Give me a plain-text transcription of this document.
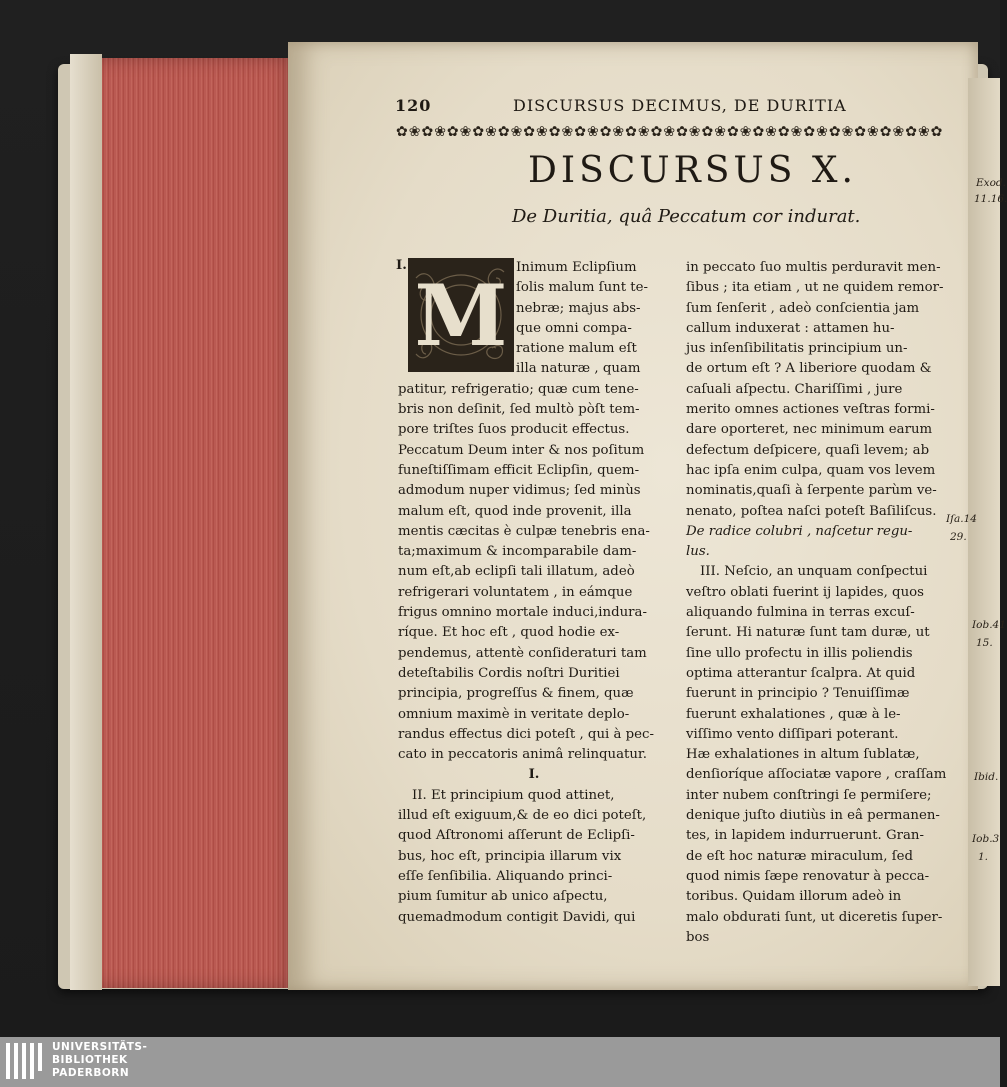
120	DISCURSUS DECIMUS, DE DURITIA
✿❀✿❀✿❀✿❀✿❀✿❀✿❀✿❀✿❀✿❀✿❀✿❀✿❀✿❀✿❀✿❀✿❀✿❀✿❀✿❀✿❀✿
DISCURSUS X.
De Duritia, quâ Peccatum cor indurat.
I. M Inimum Eclipſium
ſolis malum ſunt te-
nebræ; majus abs-
que omni compa-
ratione malum eſt
illa naturæ , quam
patitur, refrigeratio; quæ cum tene-
bris non deſinit, ſed multò pòſt tem-
pore triſtes ſuos producit effectus.
Peccatum Deum inter & nos poſitum
funeſtiſſimam efficit Eclipſin, quem-
admodum nuper vidimus; ſed minùs
malum eſt, quod inde provenit, illa
mentis cæcitas è culpæ tenebris ena-
ta;maximum & incomparabile dam-
num eſt,ab eclipſi tali illatum, adeò
refrigerari voluntatem , in eámque
frigus omnino mortale induci,indura-
ríque. Et hoc eſt , quod hodie ex-
pendemus, attentè conſideraturi tam
deteſtabilis Cordis noſtri Duritiei
principia, progreſſus & finem, quæ
omnium maximè in veritate deplo-
randus effectus dici poteſt , qui à pec-
cato in peccatoris animâ relinquatur.
I.
II. Et principium quod attinet,
illud eſt exiguum,& de eo dici poteſt,
quod Aſtronomi aſſerunt de Eclipſi-
bus, hoc eſt, principia illarum vix
eſſe ſenſibilia. Aliquando princi-
pium ſumitur ab unico aſpectu,
quemadmodum contigit Davidi, qui
in peccato ſuo multis perduravit men-
ſibus ; ita etiam , ut ne quidem remor-
ſum ſenſerit , adeò conſcientia jam
callum induxerat : attamen hu-
jus inſenſibilitatis principium un-
de ortum eſt ? A liberiore quodam &
caſuali aſpectu. Chariſſimi , jure
merito omnes actiones veſtras formi-
dare oporteret, nec minimum earum
defectum deſpicere, quaſi levem; ab
hac ipſa enim culpa, quam vos levem
nominatis,quaſi à ſerpente parùm ve-
nenato, poſtea naſci poteſt Baſiliſcus.
De radice colubri , naſcetur regu-
lus.
III. Neſcio, an unquam conſpectui
veſtro oblati fuerint ij lapides, quos
aliquando fulmina in terras excuſ-
ſerunt. Hi naturæ ſunt tam duræ, ut
ſine ullo profectu in illis poliendis
optima atterantur ſcalpra. At quid
fuerunt in principio ? Tenuiſſimæ
fuerunt exhalationes , quæ à le-
viſſimo vento diſſipari poterant.
Hæ exhalationes in altum ſublatæ,
denſioríque aſſociatæ vapore , craſſam
inter nubem conſtringi ſe permiſere;
denique juſto diutiùs in eâ permanen-
tes, in lapidem indurruerunt. Gran-
de eſt hoc naturæ miraculum, ſed
quod nimis ſæpe renovatur à pecca-
toribus. Quidam illorum adeò in
malo obdurati ſunt, ut diceretis ſuper-
bos
Exod.
11.16.
Iſa.14
29.
Iob.41
15.
Ibid.
Iob.3
1.
UNIVERSITÄTS-
BIBLIOTHEK
PADERBORN
